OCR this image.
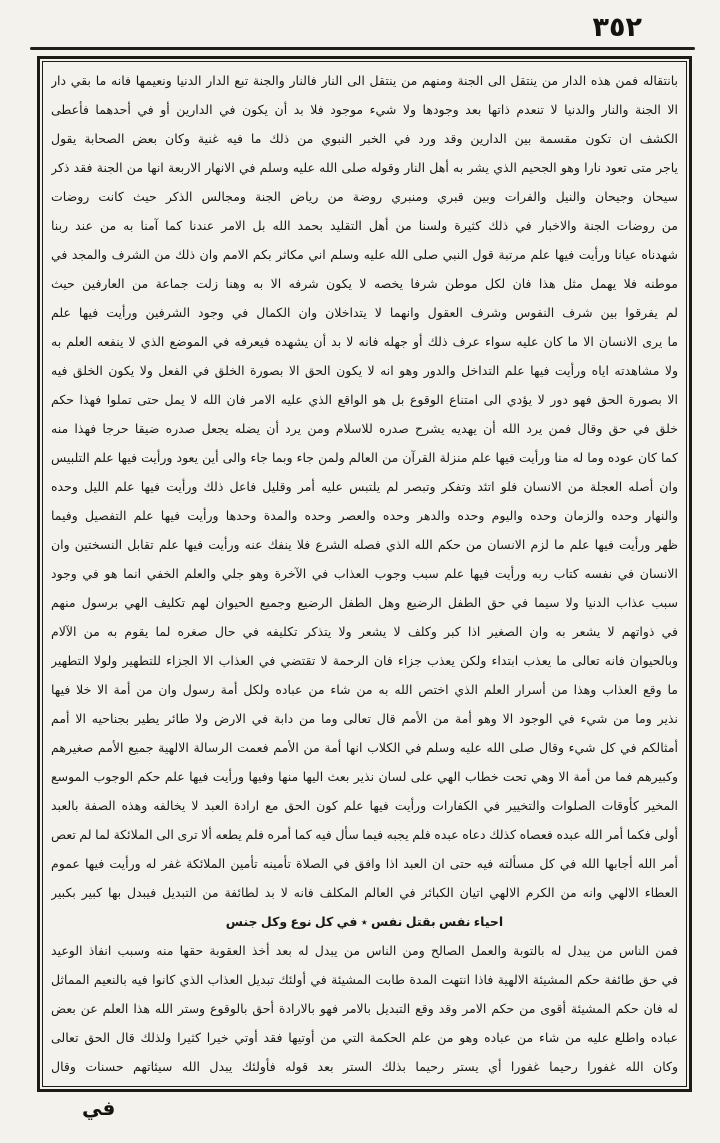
٣٥٢
بانتقاله فمن هذه الدار من ينتقل الى الجنة ومنهم من ينتقل الى النار فالنار والجنة تبع الدار الدنيا ونعيمها فانه ما بقي دار
الا الجنة والنار والدنيا لا تنعدم ذاتها بعد وجودها ولا شيء موجود فلا بد أن يكون في الدارين أو في أحدهما فأعطى
الكشف ان تكون مقسمة بين الدارين وقد ورد في الخبر النبوي من ذلك ما فيه غنية وكان بعض الصحابة يقول
ياجر متى تعود نارا وهو الجحيم الذي يشر به أهل النار وقوله صلى الله عليه وسلم في الانهار الاربعة انها من الجنة فقد ذكر
سيحان وجيحان والنيل والفرات وبين قبري ومنبري روضة من رياض الجنة ومجالس الذكر حيث كانت روضات
من روضات الجنة والاخبار في ذلك كثيرة ولسنا من أهل التقليد بحمد الله بل الامر عندنا كما آمنا به من عند ربنا
شهدناه عيانا ورأيت فيها علم مرتبة قول النبي صلى الله عليه وسلم اني مكاثر بكم الامم وان ذلك من الشرف والمجد في
موطنه فلا يهمل مثل هذا فان لكل موطن شرفا يخصه لا يكون شرفه الا به وهنا زلت جماعة من العارفين حيث
لم يفرقوا بين شرف النفوس وشرف العقول وانهما لا يتداخلان وان الكمال في وجود الشرفين ورأيت فيها علم
ما يرى الانسان الا ما كان عليه سواء عرف ذلك أو جهله فانه لا بد أن يشهده فيعرفه في الموضع الذي لا ينفعه العلم به
ولا مشاهدته اياه ورأيت فيها علم التداخل والدور وهو انه لا يكون الحق الا بصورة الخلق في الفعل ولا يكون الخلق فيه
الا بصورة الحق فهو دور لا يؤدي الى امتناع الوقوع بل هو الواقع الذي عليه الامر فان الله لا يمل حتى تملوا فهذا حكم
خلق في حق وقال فمن يرد الله أن يهديه يشرح صدره للاسلام ومن يرد أن يضله يجعل صدره ضيقا حرجا فهذا منه
كما كان عوده وما له منا ورأيت فيها علم منزلة القرآن من العالم ولمن جاء وبما جاء والى أين يعود ورأيت فيها علم التلبيس
وان أصله العجلة من الانسان فلو اتئد وتفكر وتبصر لم يلتبس عليه أمر وقليل فاعل ذلك ورأيت فيها علم الليل وحده
والنهار وحده والزمان وحده واليوم وحده والدهر وحده والعصر وحده والمدة وحدها ورأيت فيها علم التفصيل وفيما
ظهر ورأيت فيها علم ما لزم الانسان من حكم الله الذي فصله الشرع فلا ينفك عنه ورأيت فيها علم تقابل النسختين وان
الانسان في نفسه كتاب ربه ورأيت فيها علم سبب وجوب العذاب في الآخرة وهو جلي والعلم الخفي انما هو في وجود
سبب عذاب الدنيا ولا سيما في حق الطفل الرضيع وهل الطفل الرضيع وجميع الحيوان لهم تكليف الهي برسول منهم
في ذواتهم لا يشعر به وان الصغير اذا كبر وكلف لا يشعر ولا يتذكر تكليفه في حال صغره لما يقوم به من الآلام
وبالحيوان فانه تعالى ما يعذب ابتداء ولكن يعذب جزاء فان الرحمة لا تقتضي في العذاب الا الجزاء للتطهير ولولا التطهير
ما وقع العذاب وهذا من أسرار العلم الذي اختص الله به من شاء من عباده ولكل أمة رسول وان من أمة الا خلا فيها
نذير وما من شيء في الوجود الا وهو أمة من الأمم قال تعالى وما من دابة في الارض ولا طائر يطير بجناحيه الا أمم
أمثالكم في كل شيء وقال صلى الله عليه وسلم في الكلاب انها أمة من الأمم فعمت الرسالة الالهية جميع الأمم صغيرهم
وكبيرهم فما من أمة الا وهي تحت خطاب الهي على لسان نذير بعث اليها منها وفيها ورأيت فيها علم حكم الوجوب الموسع
المخير كأوقات الصلوات والتخيير في الكفارات ورأيت فيها علم كون الحق مع ارادة العبد لا يخالفه وهذه الصفة بالعبد
أولى فكما أمر الله عبده فعصاه كذلك دعاه عبده فلم يجبه فيما سأل فيه كما أمره فلم يطعه ألا ترى الى الملائكة لما لم تعص
أمر الله أجابها الله في كل مسألته فيه حتى ان العبد اذا وافق في الصلاة تأمينه تأمين الملائكة غفر له ورأيت فيها عموم
العطاء الالهي وانه من الكرم الالهي اتيان الكبائر في العالم المكلف فانه لا بد لطائفة من التبديل فيبدل بها كبير بكبير
احياء نفس بقتل نفس ٭ في كل نوع وكل جنس
فمن الناس من يبدل له بالتوبة والعمل الصالح ومن الناس من يبدل له بعد أخذ العقوبة حقها منه وسبب انفاذ الوعيد
في حق طائفة حكم المشيئة الالهية فاذا انتهت المدة طابت المشيئة في أولئك تبديل العذاب الذي كانوا فيه بالنعيم المماثل
له فان حكم المشيئة أقوى من حكم الامر وقد وقع التبديل بالامر فهو بالارادة أحق بالوقوع وستر الله هذا العلم عن بعض
عباده واطلع عليه من شاء من عباده وهو من علم الحكمة التي من أوتيها فقد أوتي خيرا كثيرا ولذلك قال الحق تعالى
وكان الله غفورا رحيما غفورا أي يستر رحيما بذلك الستر بعد قوله فأولئك يبدل الله سيئاتهم حسنات وقال
في
